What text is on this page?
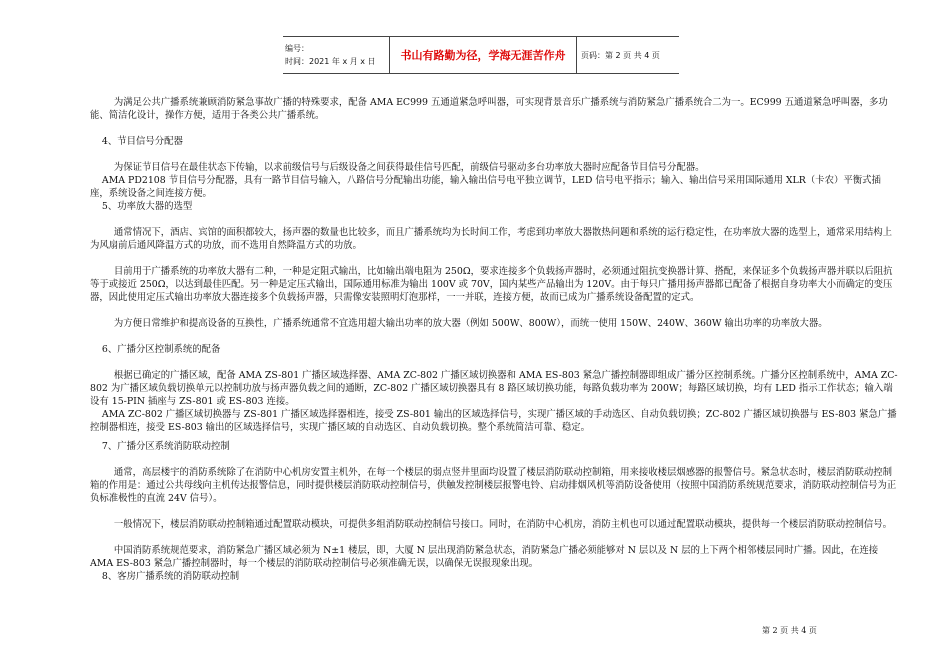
编号：
时间：2021 年 x 月 x 日	书山有路勤为径，学海无涯苦作舟	页码：第 2 页 共 4 页

为满足公共广播系统兼顾消防紧急事故广播的特殊要求，配备 AMA EC999 五通道紧急呼叫器，可实现背景音乐广播系统与消防紧急广播系统合二为一。EC999 五通道紧急呼叫器，多功能、简洁化设计，操作方便，适用于各类公共广播系统。

4、节目信号分配器

为保证节目信号在最佳状态下传输，以求前级信号与后级设备之间获得最佳信号匹配，前级信号驱动多台功率放大器时应配备节目信号分配器。

AMA PD2108 节目信号分配器，具有一路节目信号输入，八路信号分配输出功能，输入输出信号电平独立调节，LED 信号电平指示；输入、输出信号采用国际通用 XLR（卡农）平衡式插座，系统设备之间连接方便。

5、功率放大器的选型

通常情况下，酒店、宾馆的面积都较大，扬声器的数量也比较多，而且广播系统均为长时间工作，考虑到功率放大器散热问题和系统的运行稳定性，在功率放大器的选型上，通常采用结构上为风扇前后通风降温方式的功放，而不选用自然降温方式的功放。

目前用于广播系统的功率放大器有二种，一种是定阻式输出，比如输出端电阻为 250Ω，要求连接多个负载扬声器时，必须通过阻抗变换器计算、搭配，来保证多个负载扬声器并联以后阻抗等于或接近 250Ω，以达到最佳匹配。另一种是定压式输出，国际通用标准为输出 100V 或 70V，国内某些产品输出为 120V。由于每只广播用扬声器都已配备了根据自身功率大小而确定的变压器，因此使用定压式输出功率放大器连接多个负载扬声器，只需像安装照明灯泡那样，一一并联，连接方便，故而已成为广播系统设备配置的定式。

为方便日常维护和提高设备的互换性，广播系统通常不宜选用超大输出功率的放大器（例如 500W、800W），而统一使用 150W、240W、360W 输出功率的功率放大器。

6、广播分区控制系统的配备

根据已确定的广播区域，配备 AMA ZS-801 广播区域选择器、AMA ZC-802 广播区域切换器和 AMA ES-803 紧急广播控制器即组成广播分区控制系统。广播分区控制系统中，AMA ZC-802 为广播区域负载切换单元以控制功放与扬声器负载之间的通断，ZC-802 广播区域切换器具有 8 路区域切换功能，每路负载功率为 200W；每路区域切换，均有 LED 指示工作状态；输入端设有 15-PIN 插座与 ZS-801 或 ES-803 连接。

AMA ZC-802 广播区域切换器与 ZS-801 广播区域选择器相连，接受 ZS-801 输出的区域选择信号，实现广播区域的手动选区、自动负载切换；ZC-802 广播区域切换器与 ES-803 紧急广播控制器相连，接受 ES-803 输出的区域选择信号，实现广播区域的自动选区、自动负载切换。整个系统简洁可靠、稳定。

7、广播分区系统消防联动控制

通常，高层楼宇的消防系统除了在消防中心机房安置主机外，在每一个楼层的弱点竖井里面均设置了楼层消防联动控制箱，用来接收楼层烟感器的报警信号。紧急状态时，楼层消防联动控制箱的作用是：通过公共母线向主机传达报警信息，同时提供楼层消防联动控制信号，供触发控制楼层报警电铃、启动排烟风机等消防设备使用（按照中国消防系统规范要求，消防联动控制信号为正负标准极性的直流 24V 信号）。

一般情况下，楼层消防联动控制箱通过配置联动模块，可提供多组消防联动控制信号接口。同时，在消防中心机房，消防主机也可以通过配置联动模块，提供每一个楼层消防联动控制信号。

中国消防系统规范要求，消防紧急广播区域必须为 N±1 楼层，即，大厦 N 层出现消防紧急状态，消防紧急广播必须能够对 N 层以及 N 层的上下两个相邻楼层同时广播。因此，在连接 AMA ES-803 紧急广播控制器时，每一个楼层的消防联动控制信号必须准确无误，以确保无误报现象出现。

8、客房广播系统的消防联动控制

第 2 页 共 4 页
